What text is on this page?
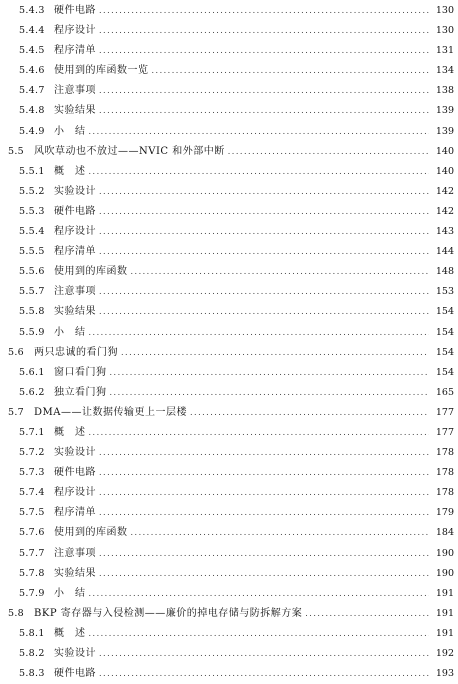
5.4.3 硬件电路 .....	130
5.4.4 程序设计 .....	130
5.4.5 程序清单 .....	131
5.4.6 使用到的库函数一览 .....	134
5.4.7 注意事项 .....	138
5.4.8 实验结果 .....	139
5.4.9 小　结 .....	139
5.5 风吹草动也不放过——NVIC 和外部中断 .....	140
5.5.1 概　述 .....	140
5.5.2 实验设计 .....	142
5.5.3 硬件电路 .....	142
5.5.4 程序设计 .....	143
5.5.5 程序清单 .....	144
5.5.6 使用到的库函数 .....	148
5.5.7 注意事项 .....	153
5.5.8 实验结果 .....	154
5.5.9 小　结 .....	154
5.6 两只忠诚的看门狗 .....	154
5.6.1 窗口看门狗 .....	154
5.6.2 独立看门狗 .....	165
5.7 DMA——让数据传输更上一层楼 .....	177
5.7.1 概　述 .....	177
5.7.2 实验设计 .....	178
5.7.3 硬件电路 .....	178
5.7.4 程序设计 .....	178
5.7.5 程序清单 .....	179
5.7.6 使用到的库函数 .....	184
5.7.7 注意事项 .....	190
5.7.8 实验结果 .....	190
5.7.9 小　结 .....	191
5.8 BKP 寄存器与入侵检测——廉价的掉电存储与防拆解方案 .....	191
5.8.1 概　述 .....	191
5.8.2 实验设计 .....	192
5.8.3 硬件电路 .....	193
